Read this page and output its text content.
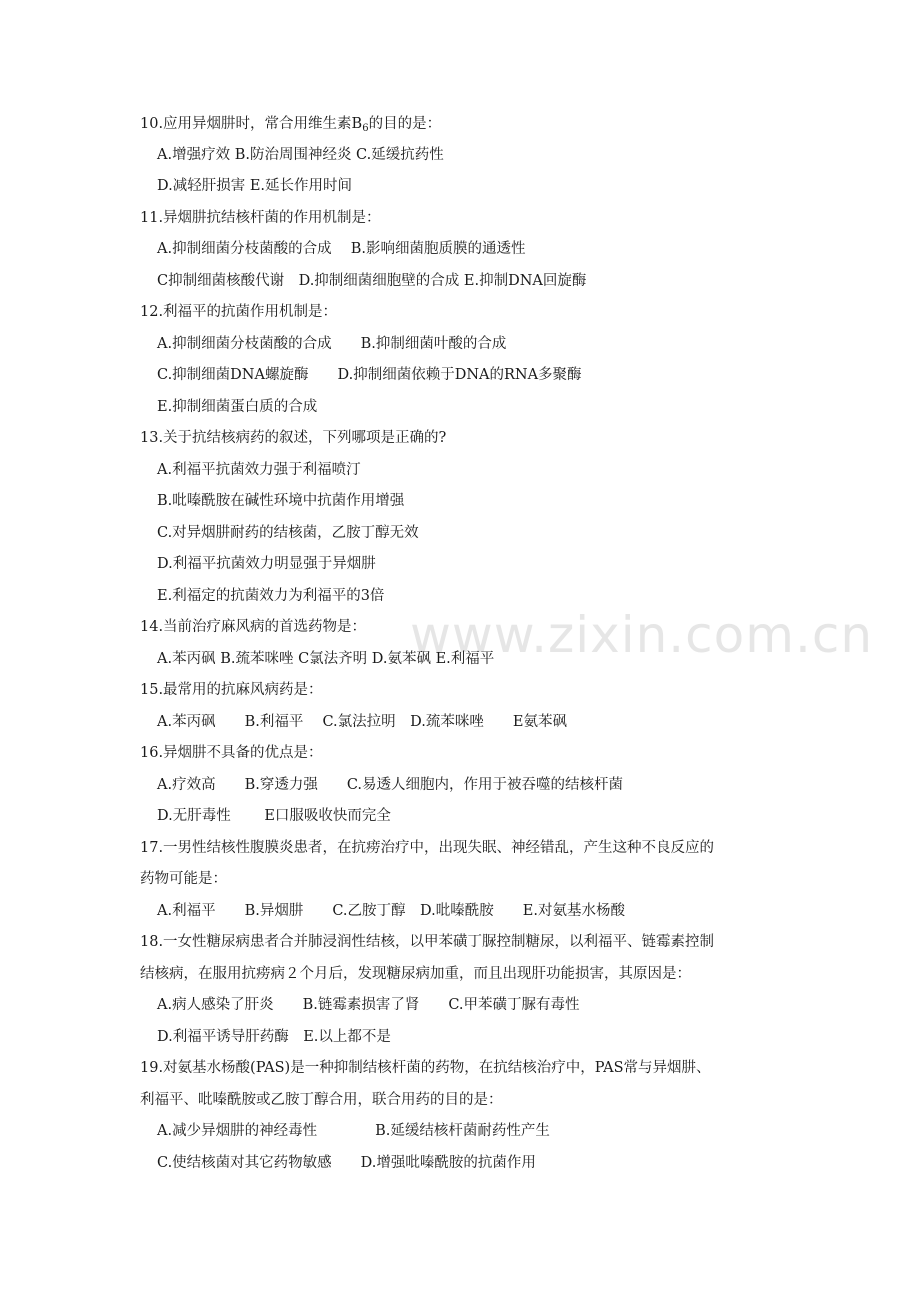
www.zixin.com.cn
10.应用异烟肼时，常合用维生素$B_6$的目的是：
A.增强疗效 B.防治周围神经炎 C.延缓抗药性
D.减轻肝损害 E.延长作用时间
11.异烟肼抗结核杆菌的作用机制是：
A.抑制细菌分枝菌酸的合成　 B.影响细菌胞质膜的通透性
C抑制细菌核酸代谢　D.抑制细菌细胞壁的合成 E.抑制DNA回旋酶
12.利福平的抗菌作用机制是：
A.抑制细菌分枝菌酸的合成　　B.抑制细菌叶酸的合成
C.抑制细菌DNA螺旋酶　　D.抑制细菌依赖于DNA的RNA多聚酶
E.抑制细菌蛋白质的合成
13.关于抗结核病药的叙述，下列哪项是正确的?
A.利福平抗菌效力强于利福喷汀
B.吡嗪酰胺在碱性环境中抗菌作用增强
C.对异烟肼耐药的结核菌，乙胺丁醇无效
D.利福平抗菌效力明显强于异烟肼
E.利福定的抗菌效力为利福平的3倍
14.当前治疗麻风病的首选药物是：
A.苯丙砜 B.巯苯咪唑 C氯法齐明 D.氨苯砜 E.利福平
15.最常用的抗麻风病药是：
A.苯丙砜　　B.利福平　 C.氯法拉明　D.巯苯咪唑　　E氨苯砜
16.异烟肼不具备的优点是：
A.疗效高　　B.穿透力强　　C.易透人细胞内，作用于被吞噬的结核杆菌
D.无肝毒性　　 E口服吸收快而完全
17.一男性结核性腹膜炎患者，在抗痨治疗中，出现失眠、神经错乱，产生这种不良反应的
药物可能是：
A.利福平　　B.异烟肼　　C.乙胺丁醇　D.吡嗪酰胺　　E.对氨基水杨酸
18.一女性糖尿病患者合并肺浸润性结核，以甲苯磺丁脲控制糖尿，以利福平、链霉素控制
结核病，在服用抗痨病２个月后，发现糖尿病加重，而且出现肝功能损害，其原因是：
A.病人感染了肝炎　　B.链霉素损害了肾　　C.甲苯磺丁脲有毒性
D.利福平诱导肝药酶　E.以上都不是
19.对氨基水杨酸(PAS)是一种抑制结核杆菌的药物，在抗结核治疗中，PAS常与异烟肼、
利福平、吡嗪酰胺或乙胺丁醇合用，联合用药的目的是：
A.减少异烟肼的神经毒性　　　　B.延缓结核杆菌耐药性产生
C.使结核菌对其它药物敏感　　D.增强吡嗪酰胺的抗菌作用
